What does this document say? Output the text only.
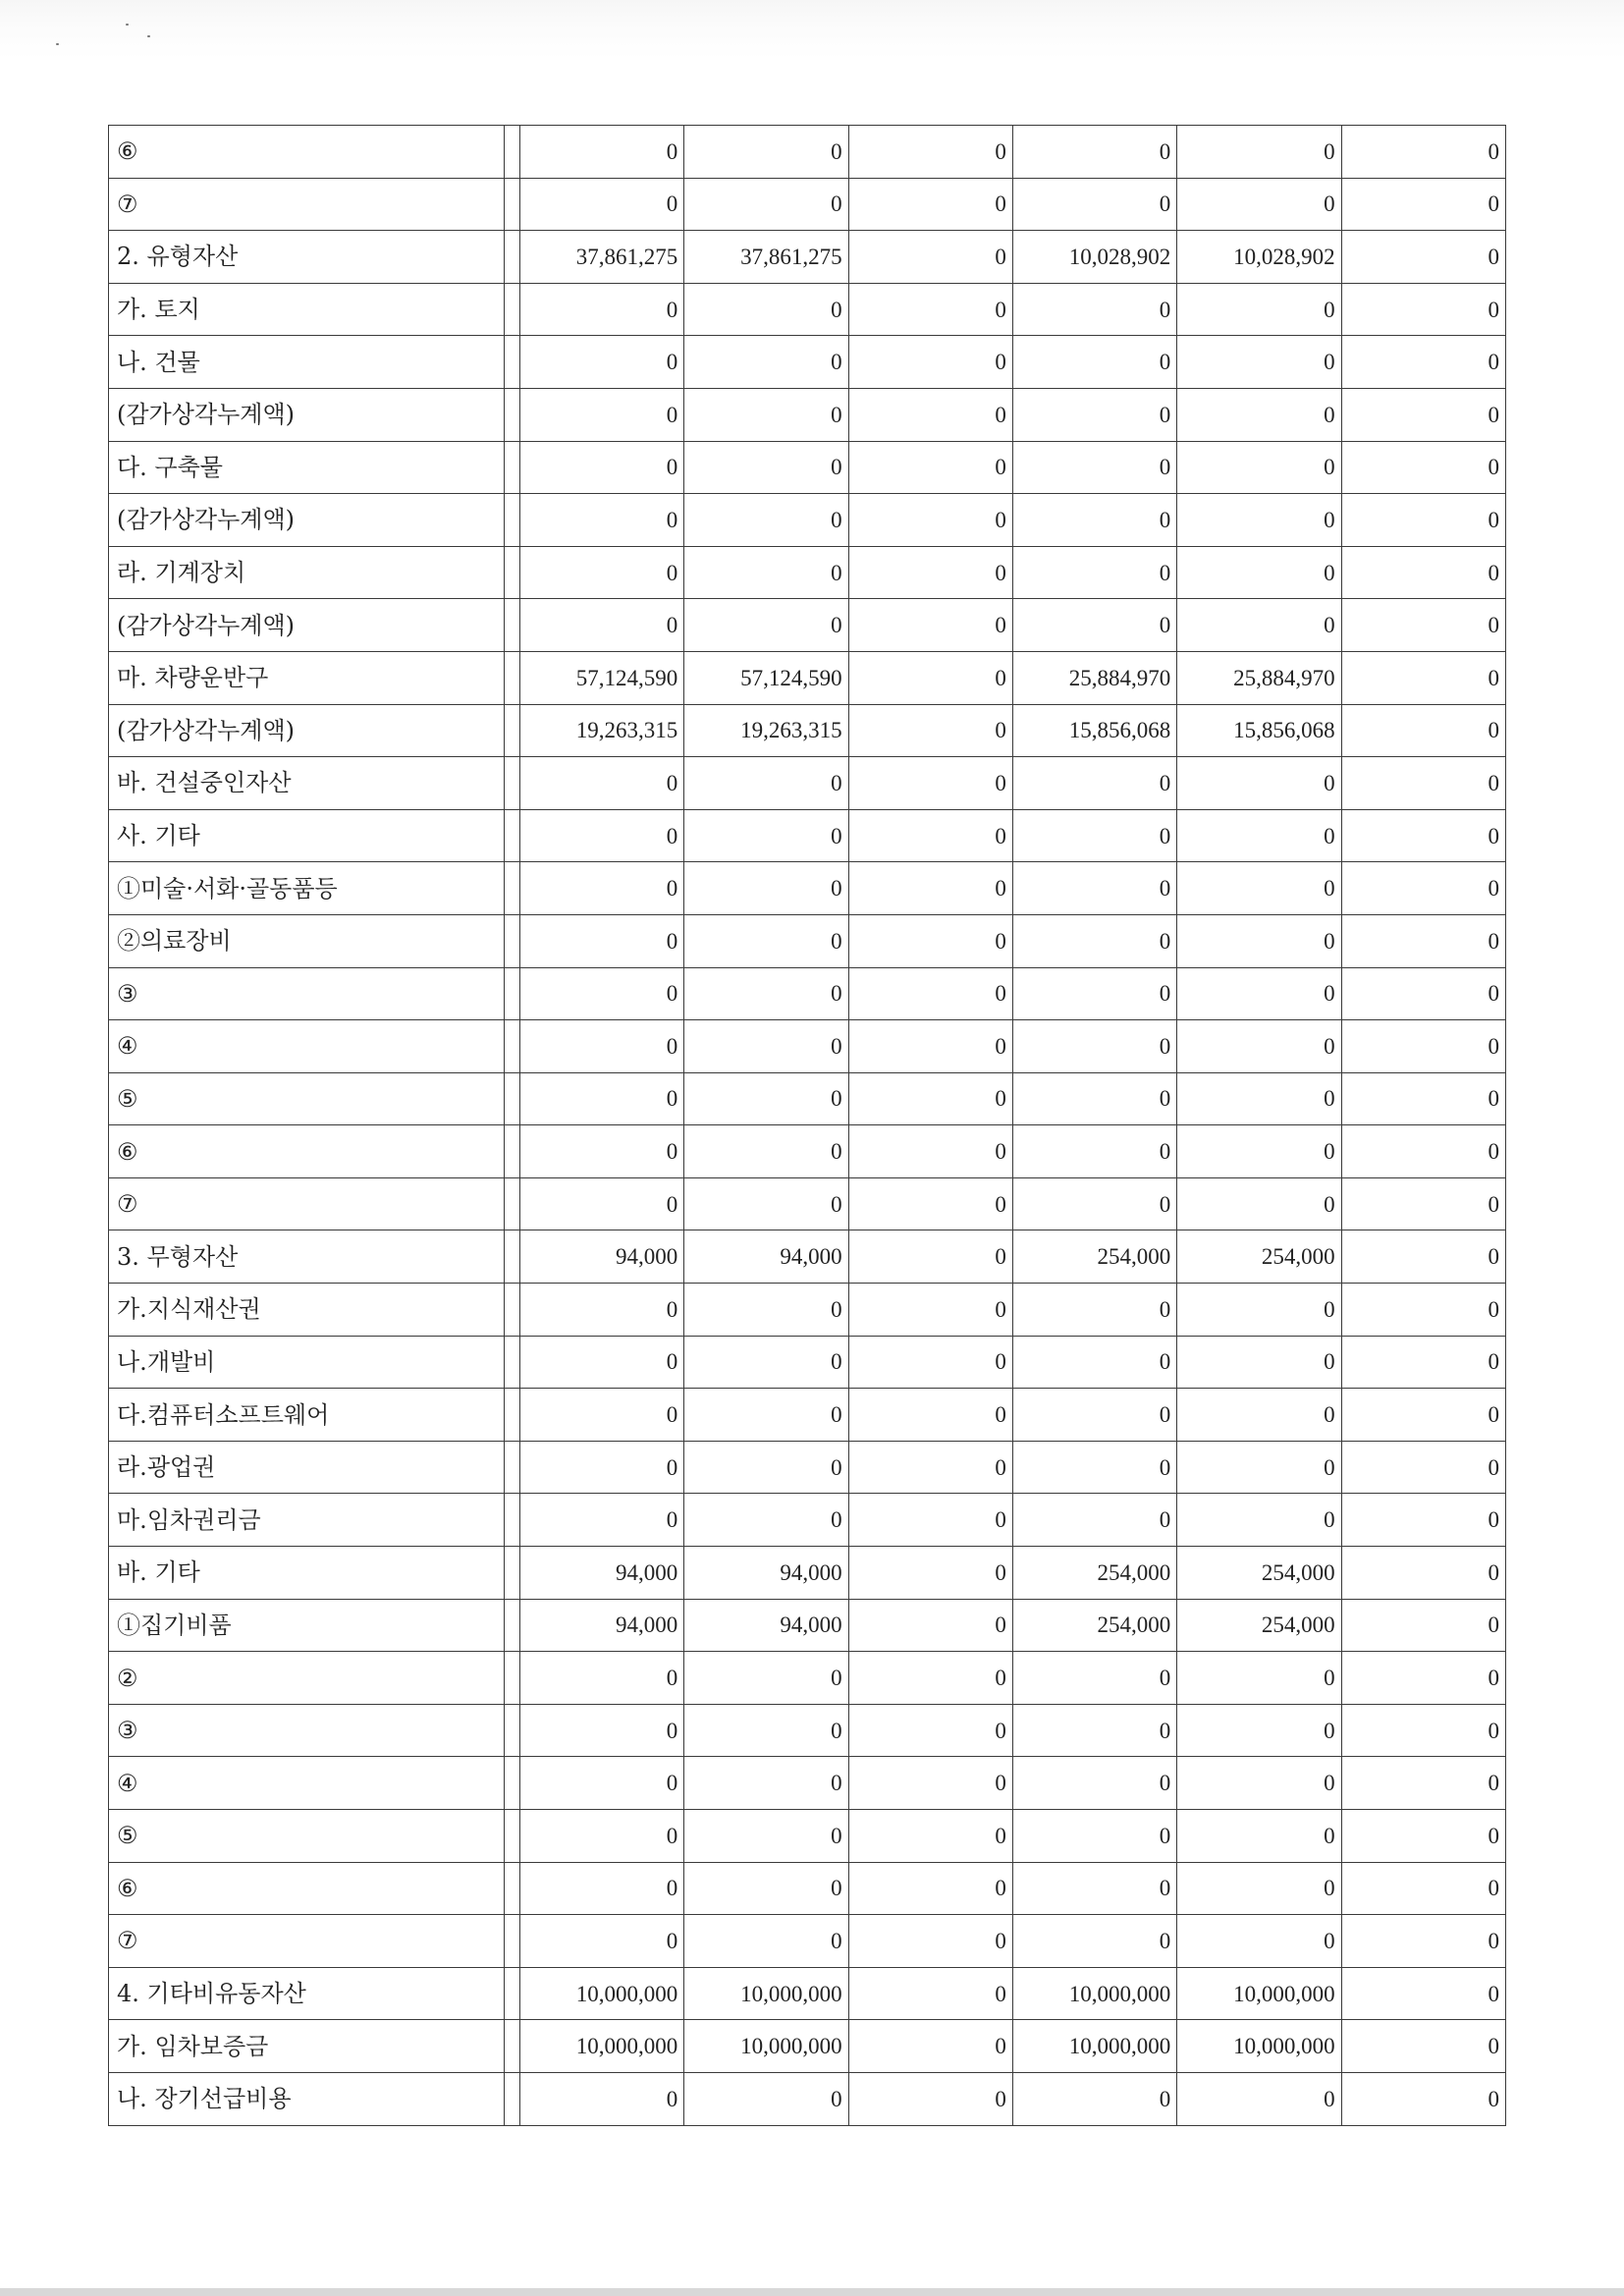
⑥		0	0	0	0	0	0
⑦		0	0	0	0	0	0
2. 유형자산		37,861,275	37,861,275	0	10,028,902	10,028,902	0
가. 토지		0	0	0	0	0	0
나. 건물		0	0	0	0	0	0
(감가상각누계액)		0	0	0	0	0	0
다. 구축물		0	0	0	0	0	0
(감가상각누계액)		0	0	0	0	0	0
라. 기계장치		0	0	0	0	0	0
(감가상각누계액)		0	0	0	0	0	0
마. 차량운반구		57,124,590	57,124,590	0	25,884,970	25,884,970	0
(감가상각누계액)		19,263,315	19,263,315	0	15,856,068	15,856,068	0
바. 건설중인자산		0	0	0	0	0	0
사. 기타		0	0	0	0	0	0
①미술·서화·골동품등		0	0	0	0	0	0
②의료장비		0	0	0	0	0	0
③		0	0	0	0	0	0
④		0	0	0	0	0	0
⑤		0	0	0	0	0	0
⑥		0	0	0	0	0	0
⑦		0	0	0	0	0	0
3. 무형자산		94,000	94,000	0	254,000	254,000	0
가.지식재산권		0	0	0	0	0	0
나.개발비		0	0	0	0	0	0
다.컴퓨터소프트웨어		0	0	0	0	0	0
라.광업권		0	0	0	0	0	0
마.임차권리금		0	0	0	0	0	0
바. 기타		94,000	94,000	0	254,000	254,000	0
①집기비품		94,000	94,000	0	254,000	254,000	0
②		0	0	0	0	0	0
③		0	0	0	0	0	0
④		0	0	0	0	0	0
⑤		0	0	0	0	0	0
⑥		0	0	0	0	0	0
⑦		0	0	0	0	0	0
4. 기타비유동자산		10,000,000	10,000,000	0	10,000,000	10,000,000	0
가. 임차보증금		10,000,000	10,000,000	0	10,000,000	10,000,000	0
나. 장기선급비용		0	0	0	0	0	0
